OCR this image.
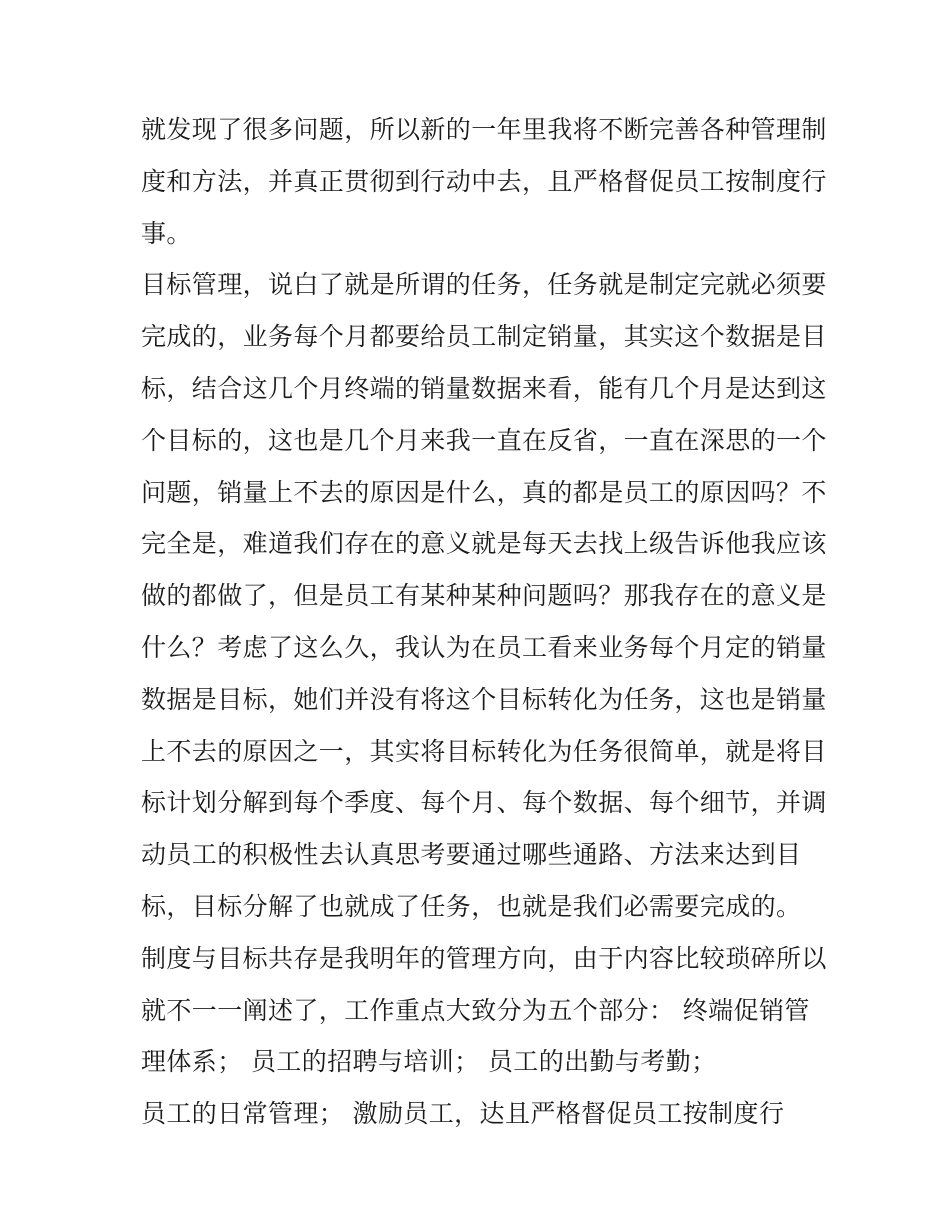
就发现了很多问题，所以新的一年里我将不断完善各种管理制
度和方法，并真正贯彻到行动中去，且严格督促员工按制度行
事。
目标管理，说白了就是所谓的任务，任务就是制定完就必须要
完成的，业务每个月都要给员工制定销量，其实这个数据是目
标，结合这几个月终端的销量数据来看，能有几个月是达到这
个目标的，这也是几个月来我一直在反省，一直在深思的一个
问题，销量上不去的原因是什么，真的都是员工的原因吗？不
完全是，难道我们存在的意义就是每天去找上级告诉他我应该
做的都做了，但是员工有某种某种问题吗？那我存在的意义是
什么？考虑了这么久，我认为在员工看来业务每个月定的销量
数据是目标，她们并没有将这个目标转化为任务，这也是销量
上不去的原因之一，其实将目标转化为任务很简单，就是将目
标计划分解到每个季度、每个月、每个数据、每个细节，并调
动员工的积极性去认真思考要通过哪些通路、方法来达到目
标，目标分解了也就成了任务，也就是我们必需要完成的。
制度与目标共存是我明年的管理方向，由于内容比较琐碎所以
就不一一阐述了，工作重点大致分为五个部分： 终端促销管
理体系； 员工的招聘与培训； 员工的出勤与考勤；
员工的日常管理； 激励员工，达且严格督促员工按制度行
